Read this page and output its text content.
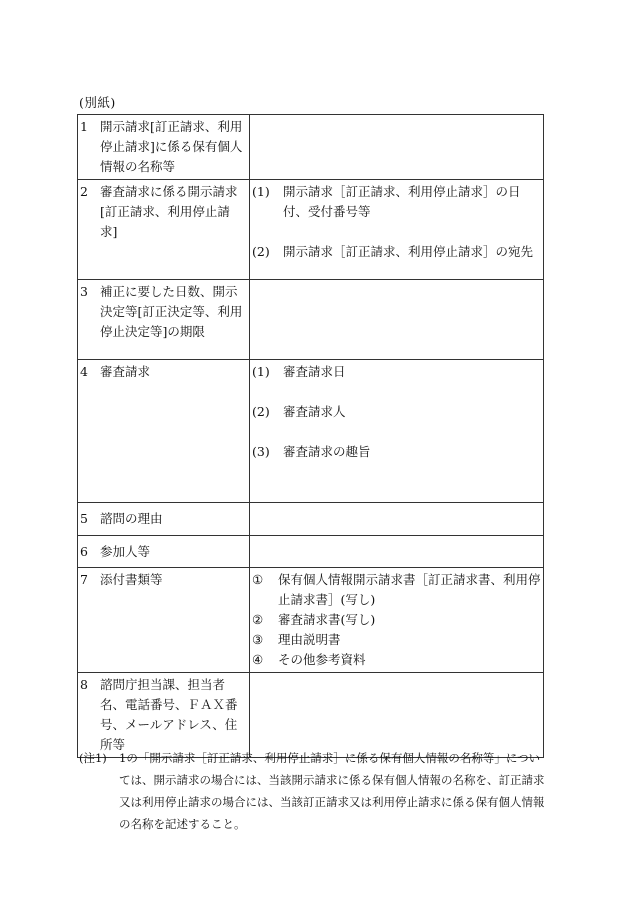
(別紙)
1 開示請求[訂正請求、利用停止請求]に係る保有個人情報の名称等	

2 審査請求に係る開示請求[訂正請求、利用停止請求]	(1) 開示請求［訂正請求、利用停止請求］の日付、受付番号等
(2) 開示請求［訂正請求、利用停止請求］の宛先

3 補正に要した日数、開示決定等[訂正決定等、利用停止決定等]の期限	

4 審査請求	(1) 審査請求日
(2) 審査請求人
(3) 審査請求の趣旨

5 諮問の理由	

6 参加人等	

7 添付書類等	① 保有個人情報開示請求書［訂正請求書、利用停止請求書］(写し)
② 審査請求書(写し)
③ 理由説明書
④ その他参考資料

8 諮問庁担当課、担当者名、電話番号、ＦＡＸ番号、メールアドレス、住所等	

(注1)	1の「開示請求［訂正請求、利用停止請求］に係る保有個人情報の名称等」については、開示請求の場合には、当該開示請求に係る保有個人情報の名称を、訂正請求又は利用停止請求の場合には、当該訂正請求又は利用停止請求に係る保有個人情報の名称を記述すること。
